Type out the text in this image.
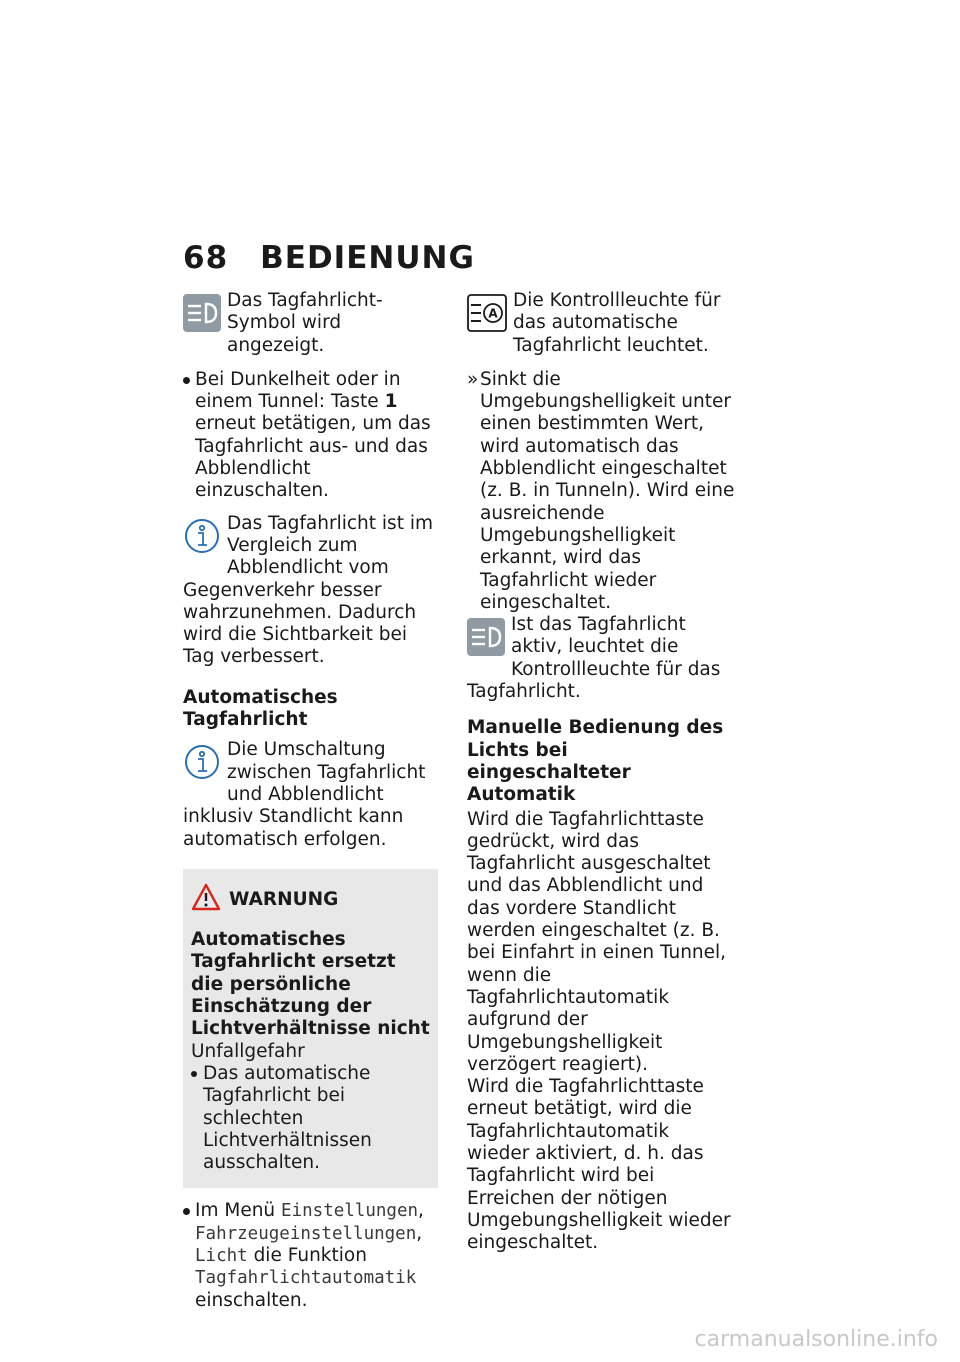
68 BEDIENUNG
Das Tagfahrlicht-Symbol wird angezeigt.
Bei Dunkelheit oder in einem Tunnel: Taste 1 erneut betätigen, um das Tagfahrlicht aus- und das Abblendlicht einzuschalten.
Das Tagfahrlicht ist im Vergleich zum Abblendlicht vom Gegenverkehr besser wahrzunehmen. Dadurch wird die Sichtbarkeit bei Tag verbessert.
Automatisches Tagfahrlicht
Die Umschaltung zwischen Tagfahrlicht und Abblendlicht inklusiv Standlicht kann automatisch erfolgen.
WARNUNG
Automatisches Tagfahrlicht ersetzt die persönliche Einschätzung der Lichtverhältnisse nicht
Unfallgefahr
Das automatische Tagfahrlicht bei schlechten Lichtverhältnissen ausschalten.
Im Menü Einstellungen, Fahrzeugeinstellungen, Licht die Funktion Tagfahrlichtautomatik einschalten.
A
Die Kontrollleuchte für das automatische Tagfahrlicht leuchtet.
» Sinkt die Umgebungshelligkeit unter einen bestimmten Wert, wird automatisch das Abblendlicht eingeschaltet (z. B. in Tunneln). Wird eine ausreichende Umgebungshelligkeit erkannt, wird das Tagfahrlicht wieder eingeschaltet.
Ist das Tagfahrlicht aktiv, leuchtet die Kontrollleuchte für das Tagfahrlicht.
Manuelle Bedienung des Lichts bei eingeschalteter Automatik
Wird die Tagfahrlichttaste gedrückt, wird das Tagfahrlicht ausgeschaltet und das Abblendlicht und das vordere Standlicht werden eingeschaltet (z. B. bei Einfahrt in einen Tunnel, wenn die Tagfahrlichtautomatik aufgrund der Umgebungshelligkeit verzögert reagiert).
Wird die Tagfahrlichttaste erneut betätigt, wird die Tagfahrlichtautomatik wieder aktiviert, d. h. das Tagfahrlicht wird bei Erreichen der nötigen Umgebungshelligkeit wieder eingeschaltet.
carmanualsonline.info
